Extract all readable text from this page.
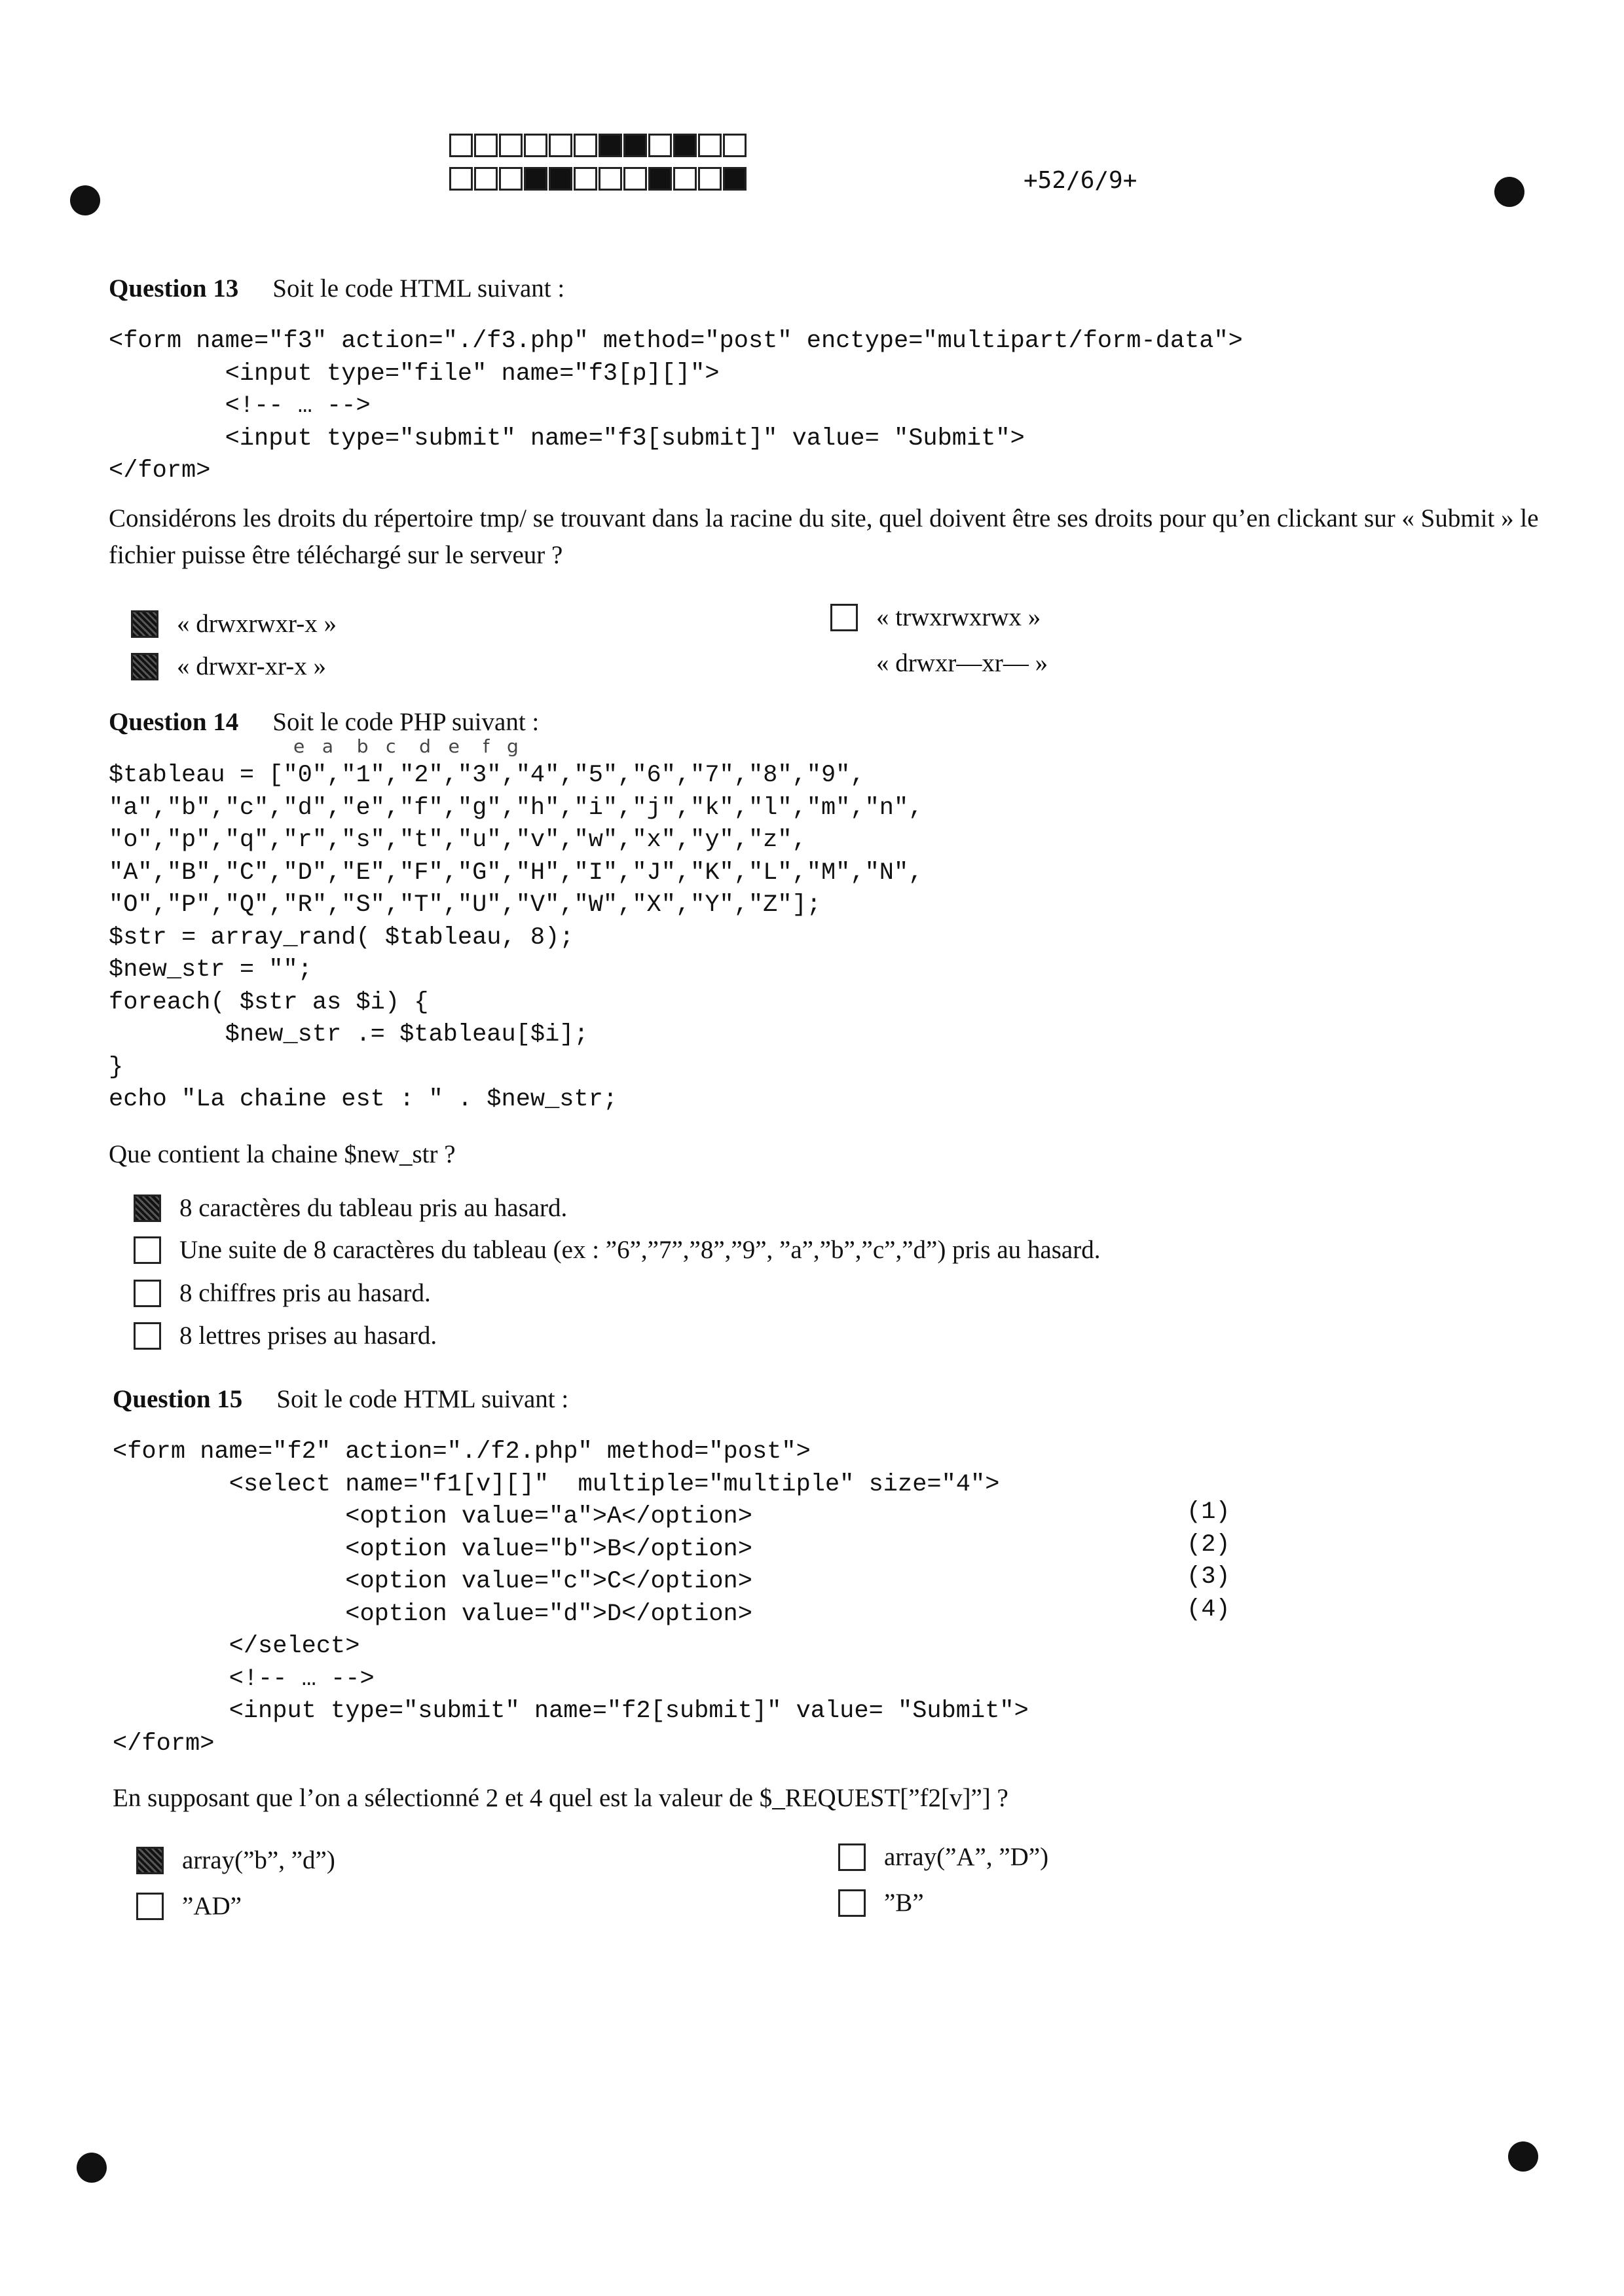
+52/6/9+
Question 13 Soit le code HTML suivant :
<form name="f3" action="./f3.php" method="post" enctype="multipart/form-data">
<input type="file" name="f3[p][]">
<!-- … -->
<input type="submit" name="f3[submit]" value= "Submit">
</form>
Considérons les droits du répertoire tmp/ se trouvant dans la racine du site, quel doivent être ses droits pour qu’en clickant sur « Submit » le fichier puisse être téléchargé sur le serveur ?
« drwxrwxr-x »
« drwxr-xr-x »
« trwxrwxrwx »
« drwxr—xr— »
Question 14 Soit le code PHP suivant :
e   a    b   c    d   e    f   g
$tableau = ["0","1","2","3","4","5","6","7","8","9",
"a","b","c","d","e","f","g","h","i","j","k","l","m","n",
"o","p","q","r","s","t","u","v","w","x","y","z",
"A","B","C","D","E","F","G","H","I","J","K","L","M","N",
"O","P","Q","R","S","T","U","V","W","X","Y","Z"];
$str = array_rand( $tableau, 8);
$new_str = "";
foreach( $str as $i) {
$new_str .= $tableau[$i];
}
echo "La chaine est : " . $new_str;
Que contient la chaine $new_str ?
8 caractères du tableau pris au hasard.
Une suite de 8 caractères du tableau (ex : ”6”,”7”,”8”,”9”, ”a”,”b”,”c”,”d”) pris au hasard.
8 chiffres pris au hasard.
8 lettres prises au hasard.
Question 15 Soit le code HTML suivant :
<form name="f2" action="./f2.php" method="post">
<select name="f1[v][]"  multiple="multiple" size="4">
<option value="a">A</option>
<option value="b">B</option>
<option value="c">C</option>
<option value="d">D</option>
</select>
<!-- … -->
<input type="submit" name="f2[submit]" value= "Submit">
</form>
(1)
(2)
(3)
(4)
En supposant que l’on a sélectionné 2 et 4 quel est la valeur de $_REQUEST[”f2[v]”] ?
array(”b”, ”d”)
”AD”
array(”A”, ”D”)
”B”
